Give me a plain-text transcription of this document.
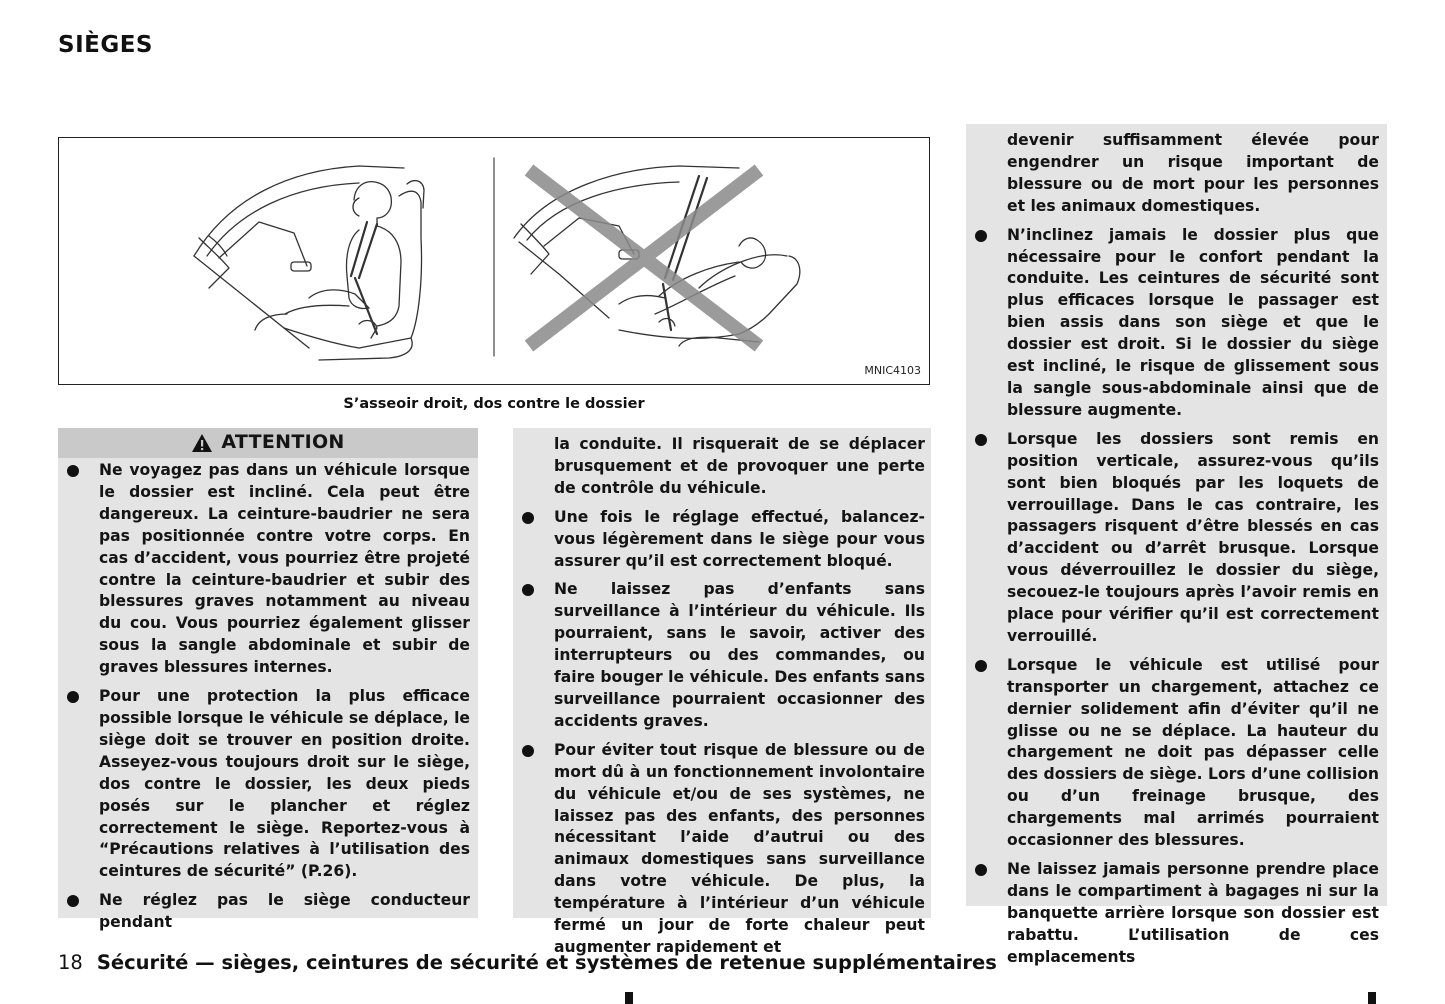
SIÈGES
MNIC4103
S’asseoir droit, dos contre le dossier
ATTENTION
Ne voyagez pas dans un véhicule lorsque le dossier est incliné. Cela peut être dangereux. La ceinture-baudrier ne sera pas positionnée contre votre corps. En cas d’accident, vous pourriez être projeté contre la ceinture-baudrier et subir des blessures graves notamment au niveau du cou. Vous pourriez également glisser sous la sangle abdominale et subir de graves blessures internes.
Pour une protection la plus efficace possible lorsque le véhicule se déplace, le siège doit se trouver en position droite. Asseyez-vous toujours droit sur le siège, dos contre le dossier, les deux pieds posés sur le plancher et réglez correctement le siège. Reportez-vous à “Précautions relatives à l’utilisation des ceintures de sécurité” (P.26).
Ne réglez pas le siège conducteur pendant
la conduite. Il risquerait de se déplacer brusquement et de provoquer une perte de contrôle du véhicule.
Une fois le réglage effectué, balancez-vous légèrement dans le siège pour vous assurer qu’il est correctement bloqué.
Ne laissez pas d’enfants sans surveillance à l’intérieur du véhicule. Ils pourraient, sans le savoir, activer des interrupteurs ou des commandes, ou faire bouger le véhicule. Des enfants sans surveillance pourraient occasionner des accidents graves.
Pour éviter tout risque de blessure ou de mort dû à un fonctionnement involontaire du véhicule et/ou de ses systèmes, ne laissez pas des enfants, des personnes nécessitant l’aide d’autrui ou des animaux domestiques sans surveillance dans votre véhicule. De plus, la température à l’intérieur d’un véhicule fermé un jour de forte chaleur peut augmenter rapidement et
devenir suffisamment élevée pour engendrer un risque important de blessure ou de mort pour les personnes et les animaux domestiques.
N’inclinez jamais le dossier plus que nécessaire pour le confort pendant la conduite. Les ceintures de sécurité sont plus efficaces lorsque le passager est bien assis dans son siège et que le dossier est droit. Si le dossier du siège est incliné, le risque de glissement sous la sangle sous-abdominale ainsi que de blessure augmente.
Lorsque les dossiers sont remis en position verticale, assurez-vous qu’ils sont bien bloqués par les loquets de verrouillage. Dans le cas contraire, les passagers risquent d’être blessés en cas d’accident ou d’arrêt brusque. Lorsque vous déverrouillez le dossier du siège, secouez-le toujours après l’avoir remis en place pour vérifier qu’il est correctement verrouillé.
Lorsque le véhicule est utilisé pour transporter un chargement, attachez ce dernier solidement afin d’éviter qu’il ne glisse ou ne se déplace. La hauteur du chargement ne doit pas dépasser celle des dossiers de siège. Lors d’une collision ou d’un freinage brusque, des chargements mal arrimés pourraient occasionner des blessures.
Ne laissez jamais personne prendre place dans le compartiment à bagages ni sur la banquette arrière lorsque son dossier est rabattu. L’utilisation de ces emplacements
18 Sécurité — sièges, ceintures de sécurité et systèmes de retenue supplémentaires
